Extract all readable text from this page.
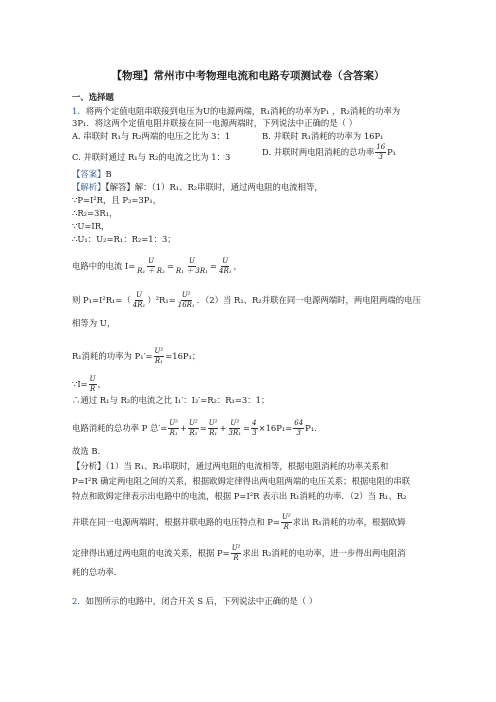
【物理】常州市中考物理电流和电路专项测试卷（含答案）
一、选择题
1．将两个定值电阻串联接到电压为U的电源两端，R₁消耗的功率为P₁ ，R₂消耗的功率为
3P₁．将这两个定值电阻并联接在同一电源两端时，下列说法中正确的是（ ）
A. 串联时 R₁与 R₂两端的电压之比为 3：1	B. 并联时 R₁消耗的功率为 16P₁
C. 并联时通过 R₁与 R₂的电流之比为 1：3	D. 并联时两电阻消耗的总功率 $\frac{16}{3} P_1$
【答案】B
【解析】【解答】解：（1）R₁、R₂串联时，通过两电阻的电流相等，
∵P=I²R，且 P₂=3P₁，
∴R₂=3R₁，
∵U=IR，
∴U₁：U₂=R₁：R₂=1：3；
电路中的电流 $I= \frac{U}{\text{R₁ ＋ R₂}} = \frac{U}{\text{R₁ ＋ 3R₁}} = \frac{U}{\text{4R₁}}$ ，
则 $P_1=I^2R_1=( \frac{U}{\text{4R₁}} )^2R_1= \frac{\text{U²}}{\text{16R₁}}$ ．（2）当 R₁、R₂并联在同一电源两端时，两电阻两端的电压
相等为 U，
R₁消耗的功率为 $P_1'= \frac{\text{U²}}{\text{R₁}} =16P_1$；
∵I= $\frac{U}{R}$ ，
∴通过 R₁与 R₂的电流之比 I₁′：I₂′=R₂：R₁=3：1；
电路消耗的总功率 P 总′= $\frac{\text{U²}}{\text{R₁}} + \frac{\text{U²}}{\text{R₂}} = \frac{\text{U²}}{\text{R₁}} + \frac{\text{U²}}{\text{3R₁}} = \frac{4}{3} \times 16P_1= \frac{64}{3} P_1$．
故选 B．
【分析】（1）当 R₁、R₂串联时，通过两电阻的电流相等，根据电阻消耗的功率关系和
P=I²R 确定两电阻之间的关系，根据欧姆定律得出两电阻两端的电压关系；根据电阻的串联
特点和欧姆定律表示出电路中的电流，根据 P=I²R 表示出 R₁消耗的功率．（2）当 R₁、R₂
并联在同一电源两端时，根据并联电路的电压特点和 $P= \frac{\text{U²}}{R}$ 求出 R₁消耗的功率，根据欧姆
定律得出通过两电阻的电流关系，根据 $P= \frac{\text{U²}}{R}$ 求出 R₂消耗的电功率，进一步得出两电阻消
耗的总功率．
2．如图所示的电路中，闭合开关 S 后，下列说法中正确的是（ ）
